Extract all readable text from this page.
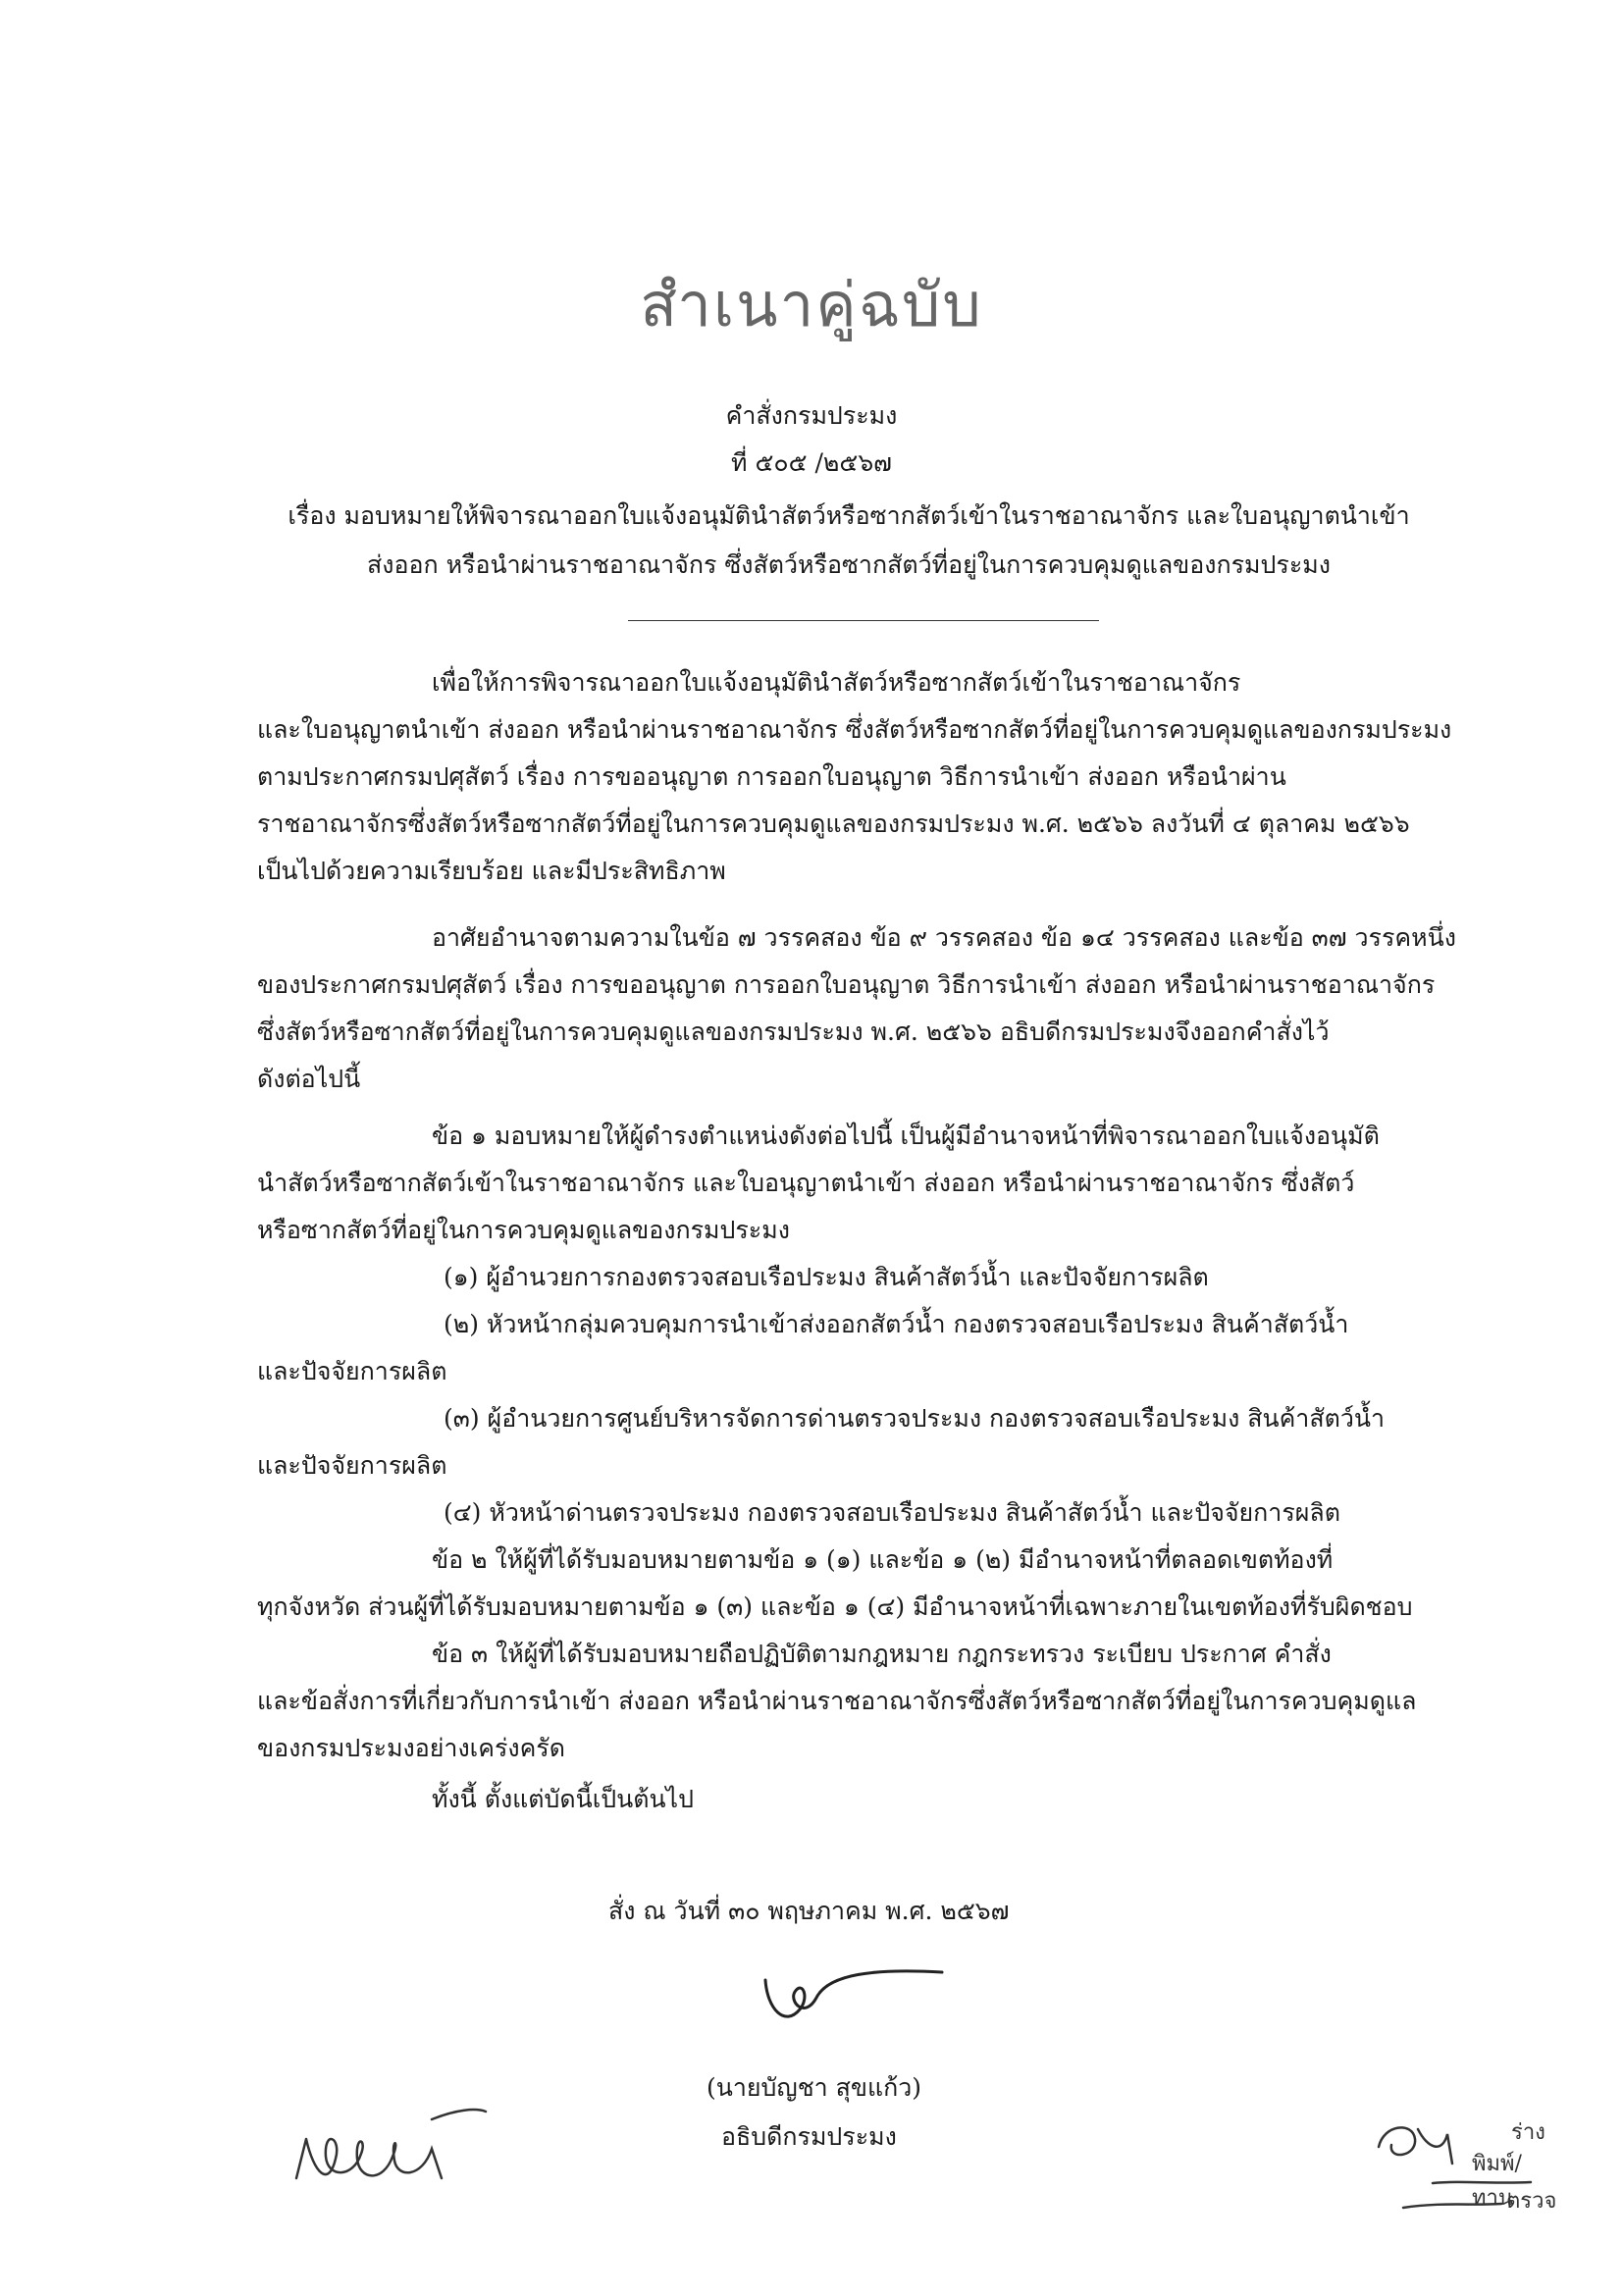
สำเนาคู่ฉบับ
คำสั่งกรมประมง
ที่ ๕๐๕ /๒๕๖๗
เรื่อง มอบหมายให้พิจารณาออกใบแจ้งอนุมัตินำสัตว์หรือซากสัตว์เข้าในราชอาณาจักร และใบอนุญาตนำเข้า
ส่งออก หรือนำผ่านราชอาณาจักร ซึ่งสัตว์หรือซากสัตว์ที่อยู่ในการควบคุมดูแลของกรมประมง

เพื่อให้การพิจารณาออกใบแจ้งอนุมัตินำสัตว์หรือซากสัตว์เข้าในราชอาณาจักร
และใบอนุญาตนำเข้า ส่งออก หรือนำผ่านราชอาณาจักร ซึ่งสัตว์หรือซากสัตว์ที่อยู่ในการควบคุมดูแลของกรมประมง
ตามประกาศกรมปศุสัตว์ เรื่อง การขออนุญาต การออกใบอนุญาต วิธีการนำเข้า ส่งออก หรือนำผ่าน
ราชอาณาจักรซึ่งสัตว์หรือซากสัตว์ที่อยู่ในการควบคุมดูแลของกรมประมง พ.ศ. ๒๕๖๖ ลงวันที่ ๔ ตุลาคม ๒๕๖๖
เป็นไปด้วยความเรียบร้อย และมีประสิทธิภาพ

อาศัยอำนาจตามความในข้อ ๗ วรรคสอง ข้อ ๙ วรรคสอง ข้อ ๑๔ วรรคสอง และข้อ ๓๗ วรรคหนึ่ง
ของประกาศกรมปศุสัตว์ เรื่อง การขออนุญาต การออกใบอนุญาต วิธีการนำเข้า ส่งออก หรือนำผ่านราชอาณาจักร
ซึ่งสัตว์หรือซากสัตว์ที่อยู่ในการควบคุมดูแลของกรมประมง พ.ศ. ๒๕๖๖ อธิบดีกรมประมงจึงออกคำสั่งไว้
ดังต่อไปนี้

ข้อ ๑ มอบหมายให้ผู้ดำรงตำแหน่งดังต่อไปนี้ เป็นผู้มีอำนาจหน้าที่พิจารณาออกใบแจ้งอนุมัติ
นำสัตว์หรือซากสัตว์เข้าในราชอาณาจักร และใบอนุญาตนำเข้า ส่งออก หรือนำผ่านราชอาณาจักร ซึ่งสัตว์
หรือซากสัตว์ที่อยู่ในการควบคุมดูแลของกรมประมง

(๑) ผู้อำนวยการกองตรวจสอบเรือประมง สินค้าสัตว์น้ำ และปัจจัยการผลิต

(๒) หัวหน้ากลุ่มควบคุมการนำเข้าส่งออกสัตว์น้ำ กองตรวจสอบเรือประมง สินค้าสัตว์น้ำ
และปัจจัยการผลิต

(๓) ผู้อำนวยการศูนย์บริหารจัดการด่านตรวจประมง กองตรวจสอบเรือประมง สินค้าสัตว์น้ำ
และปัจจัยการผลิต

(๔) หัวหน้าด่านตรวจประมง กองตรวจสอบเรือประมง สินค้าสัตว์น้ำ และปัจจัยการผลิต

ข้อ ๒ ให้ผู้ที่ได้รับมอบหมายตามข้อ ๑ (๑) และข้อ ๑ (๒) มีอำนาจหน้าที่ตลอดเขตท้องที่
ทุกจังหวัด ส่วนผู้ที่ได้รับมอบหมายตามข้อ ๑ (๓) และข้อ ๑ (๔) มีอำนาจหน้าที่เฉพาะภายในเขตท้องที่รับผิดชอบ

ข้อ ๓ ให้ผู้ที่ได้รับมอบหมายถือปฏิบัติตามกฎหมาย กฎกระทรวง ระเบียบ ประกาศ คำสั่ง
และข้อสั่งการที่เกี่ยวกับการนำเข้า ส่งออก หรือนำผ่านราชอาณาจักรซึ่งสัตว์หรือซากสัตว์ที่อยู่ในการควบคุมดูแล
ของกรมประมงอย่างเคร่งครัด

ทั้งนี้ ตั้งแต่บัดนี้เป็นต้นไป

สั่ง ณ วันที่ ๓๐ พฤษภาคม พ.ศ. ๒๕๖๗
(นายบัญชา สุขแก้ว)
อธิบดีกรมประมง	ร่าง
พิมพ์/ทาน
ตรวจ
